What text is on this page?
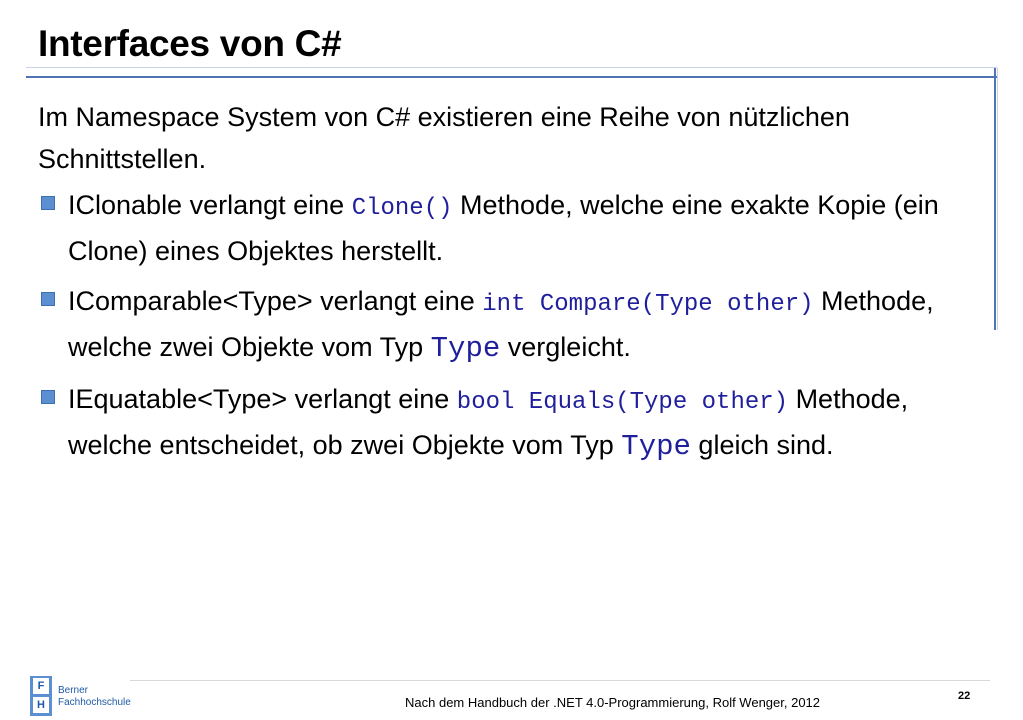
Interfaces von C#

Im Namespace System von C# existieren eine Reihe von nützlichen Schnittstellen.

IClonable verlangt eine Clone() Methode, welche eine exakte Kopie (ein Clone) eines Objektes herstellt.
IComparable<Type> verlangt eine int Compare(Type other) Methode, welche zwei Objekte vom Typ Type vergleicht.
IEquatable<Type> verlangt eine bool Equals(Type other) Methode, welche entscheidet, ob zwei Objekte vom Typ Type gleich sind.
F
H
Berner
Fachhochschule	Nach dem Handbuch der .NET 4.0-Programmierung, Rolf Wenger, 2012	22
